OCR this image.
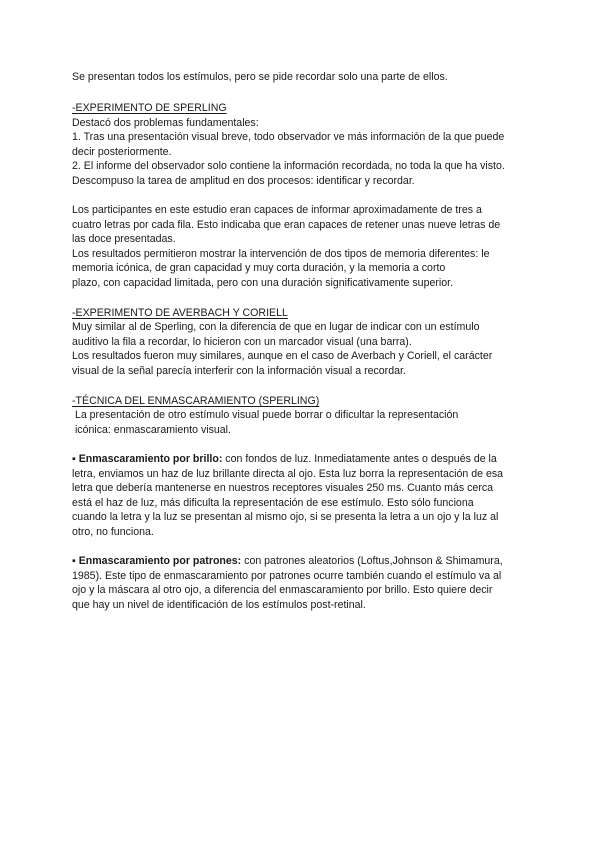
Se presentan todos los estímulos, pero se pide recordar solo una parte de ellos.
-EXPERIMENTO DE SPERLING
Destacó dos problemas fundamentales:
1. Tras una presentación visual breve, todo observador ve más información de la que puede
decir posteriormente.
2. El informe del observador solo contiene la información recordada, no toda la que ha visto.
Descompuso la tarea de amplitud en dos procesos: identificar y recordar.
Los participantes en este estudio eran capaces de informar aproximadamente de tres a
cuatro letras por cada fila. Esto indicaba que eran capaces de retener unas nueve letras de
las doce presentadas.
Los resultados permitieron mostrar la intervención de dos tipos de memoria diferentes: le
memoria icónica, de gran capacidad y muy corta duración, y la memoria a corto
plazo, con capacidad limitada, pero con una duración significativamente superior.
-EXPERIMENTO DE AVERBACH Y CORIELL
Muy similar al de Sperling, con la diferencia de que en lugar de indicar con un estímulo
auditivo la fila a recordar, lo hicieron con un marcador visual (una barra).
Los resultados fueron muy similares, aunque en el caso de Averbach y Coriell, el carácter
visual de la señal parecía interferir con la información visual a recordar.
-TÉCNICA DEL ENMASCARAMIENTO (SPERLING)
La presentación de otro estímulo visual puede borrar o dificultar la representación
icónica: enmascaramiento visual.
▪ Enmascaramiento por brillo: con fondos de luz. Inmediatamente antes o después de la
letra, enviamos un haz de luz brillante directa al ojo. Esta luz borra la representación de esa
letra que debería mantenerse en nuestros receptores visuales 250 ms. Cuanto más cerca
está el haz de luz, más dificulta la representación de ese estímulo. Esto sólo funciona
cuando la letra y la luz se presentan al mismo ojo, si se presenta la letra a un ojo y la luz al
otro, no funciona.
▪ Enmascaramiento por patrones: con patrones aleatorios (Loftus,Johnson & Shimamura,
1985). Este tipo de enmascaramiento por patrones ocurre también cuando el estímulo va al
ojo y la máscara al otro ojo, a diferencia del enmascaramiento por brillo. Esto quiere decir
que hay un nivel de identificación de los estímulos post-retinal.
